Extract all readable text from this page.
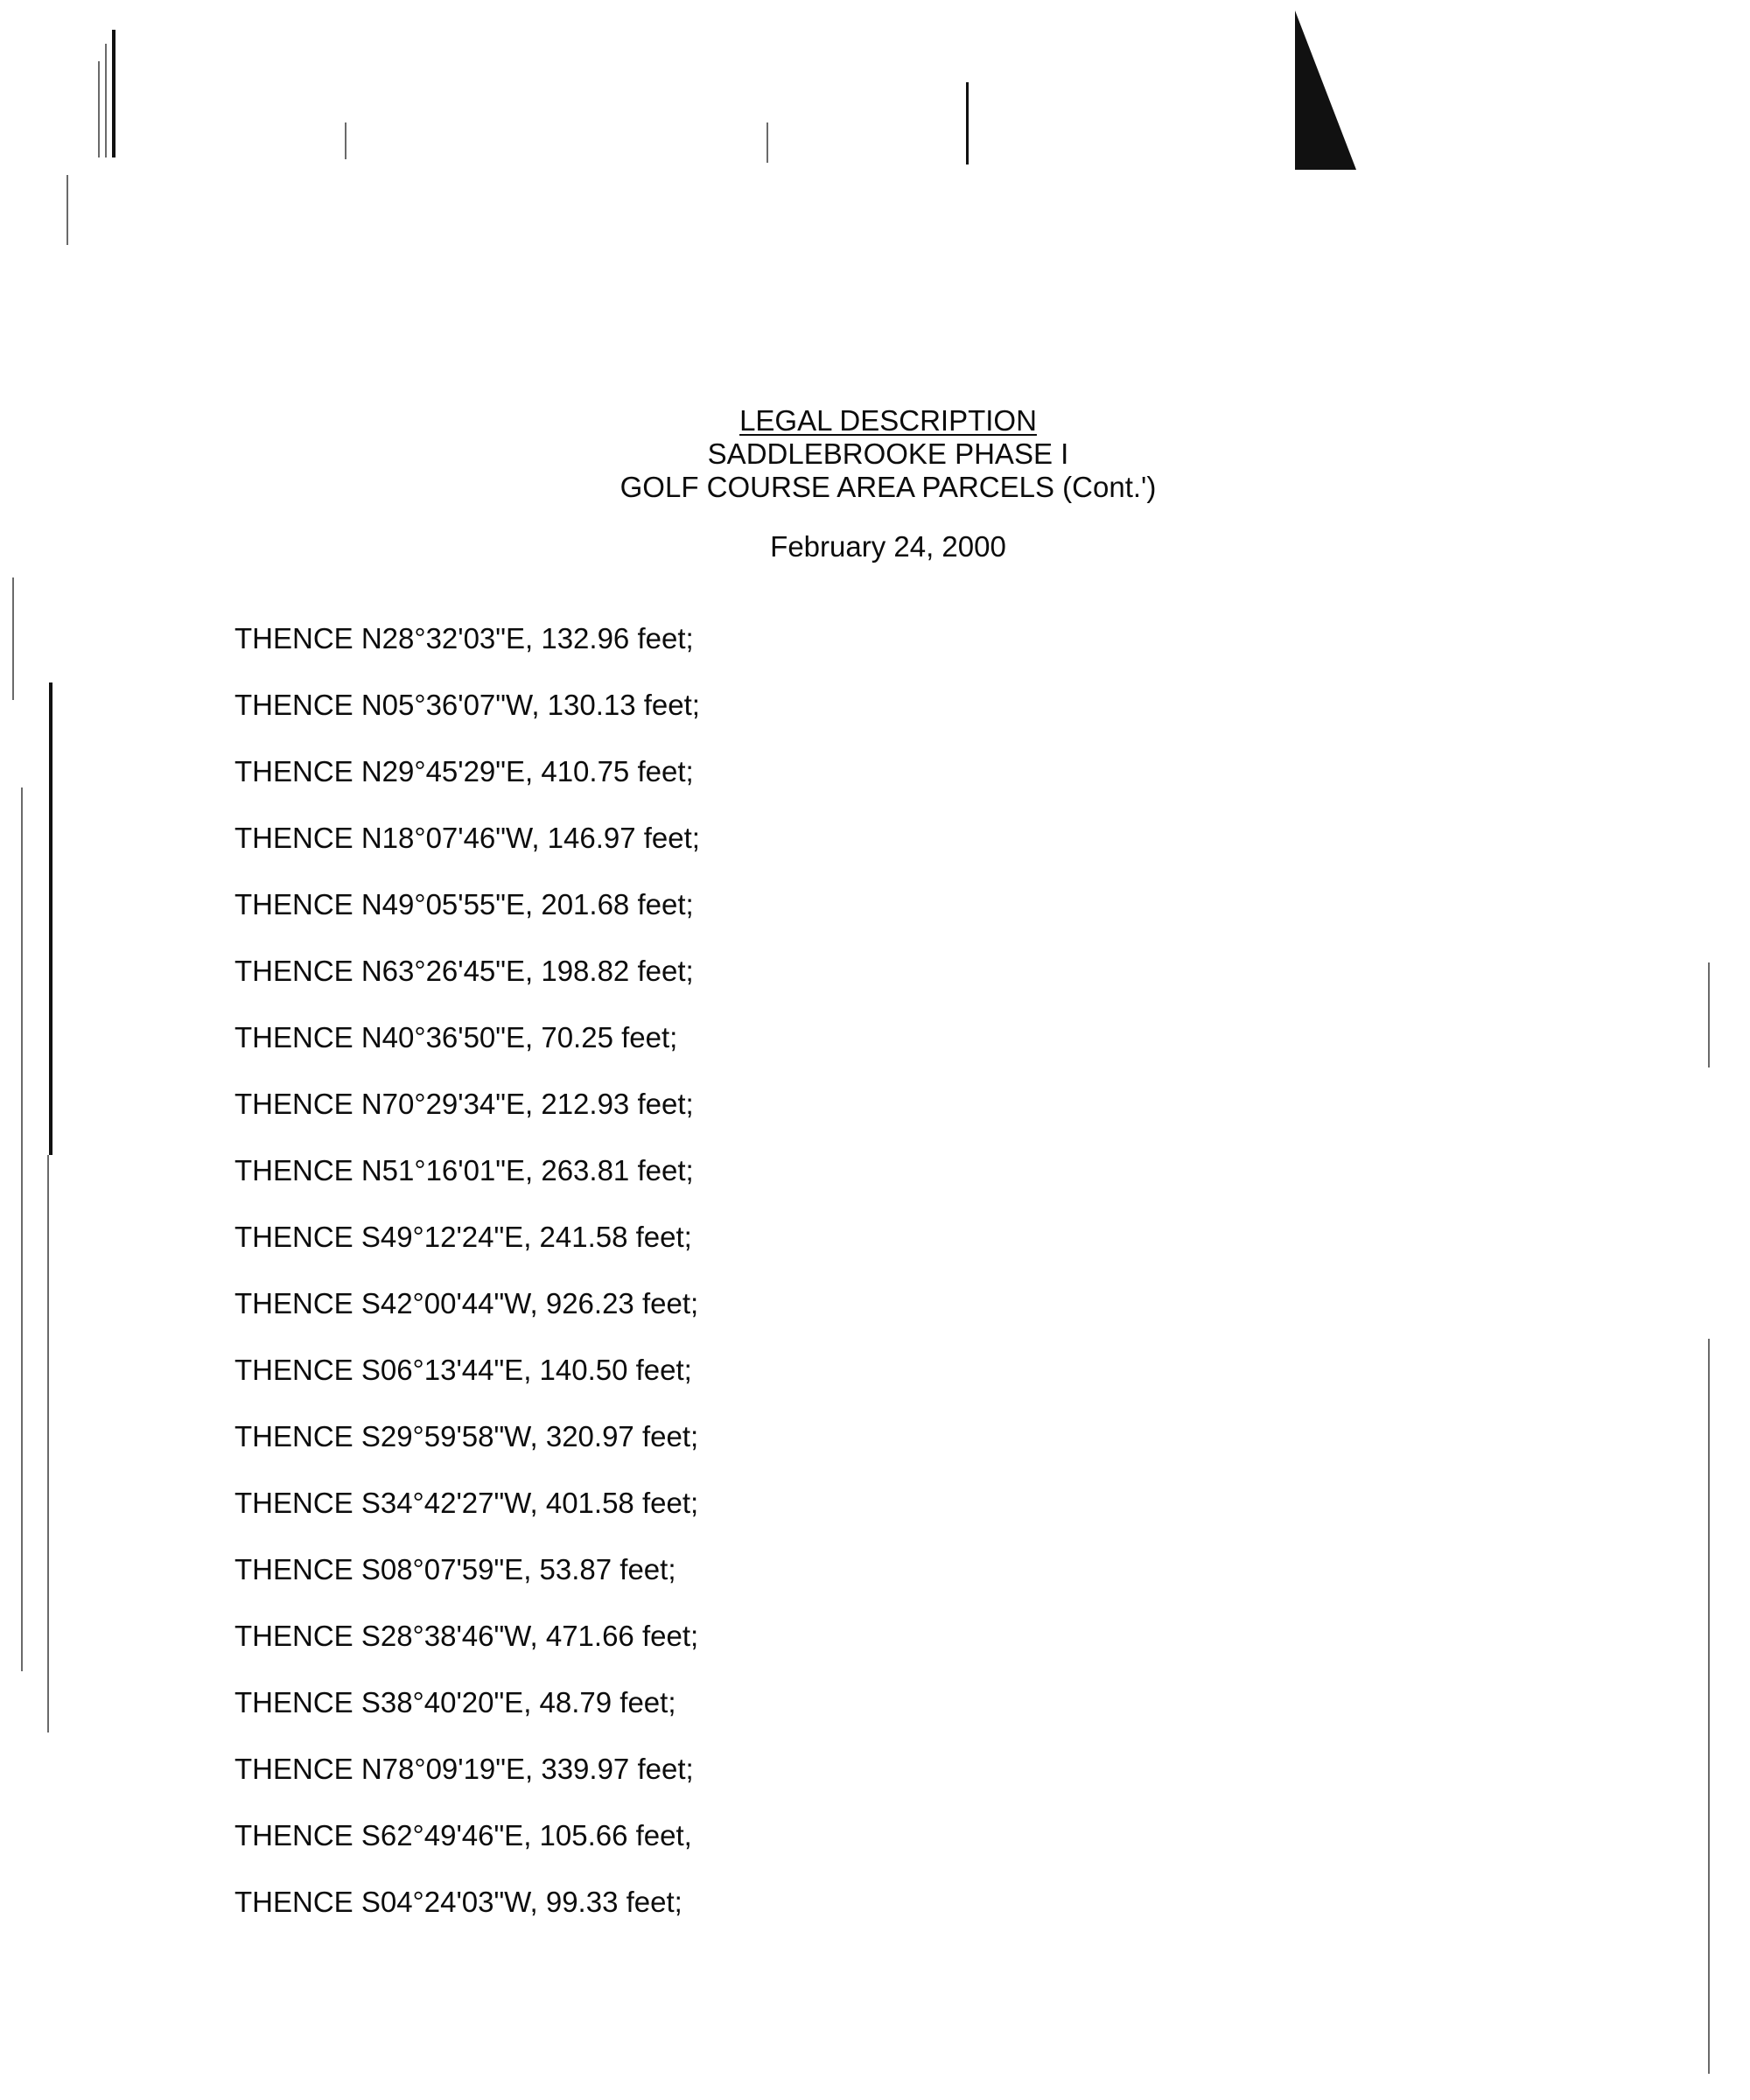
LEGAL DESCRIPTION
SADDLEBROOKE PHASE I
GOLF COURSE AREA PARCELS (Cont.')
February 24, 2000
THENCE N28°32'03"E, 132.96 feet;
THENCE N05°36'07"W, 130.13 feet;
THENCE N29°45'29"E, 410.75 feet;
THENCE N18°07'46"W, 146.97 feet;
THENCE N49°05'55"E, 201.68 feet;
THENCE N63°26'45"E, 198.82 feet;
THENCE N40°36'50"E, 70.25 feet;
THENCE N70°29'34"E, 212.93 feet;
THENCE N51°16'01"E, 263.81 feet;
THENCE S49°12'24"E, 241.58 feet;
THENCE S42°00'44"W, 926.23 feet;
THENCE S06°13'44"E, 140.50 feet;
THENCE S29°59'58"W, 320.97 feet;
THENCE S34°42'27"W, 401.58 feet;
THENCE S08°07'59"E, 53.87 feet;
THENCE S28°38'46"W, 471.66 feet;
THENCE S38°40'20"E, 48.79 feet;
THENCE N78°09'19"E, 339.97 feet;
THENCE S62°49'46"E, 105.66 feet,
THENCE S04°24'03"W, 99.33 feet;
